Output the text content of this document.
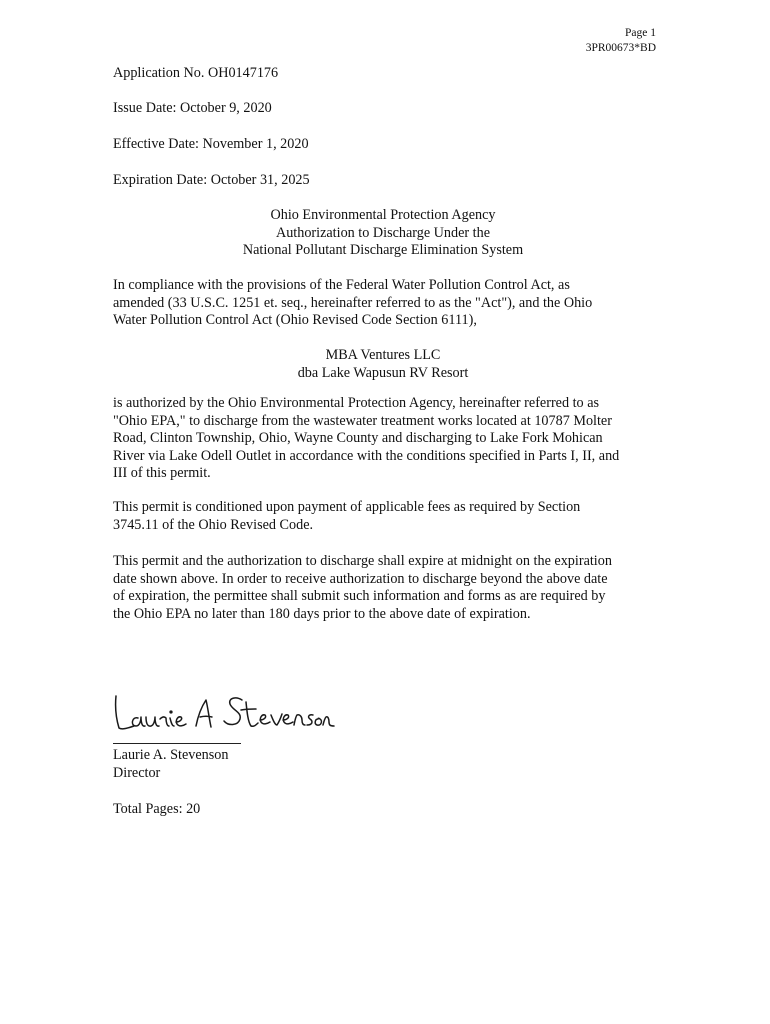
Page 1
3PR00673*BD
Application No. OH0147176
Issue Date: October 9, 2020
Effective Date: November 1, 2020
Expiration Date: October 31, 2025
Ohio Environmental Protection Agency
Authorization to Discharge Under the
National Pollutant Discharge Elimination System
In compliance with the provisions of the Federal Water Pollution Control Act, as
amended (33 U.S.C. 1251 et. seq., hereinafter referred to as the "Act"), and the Ohio
Water Pollution Control Act (Ohio Revised Code Section 6111),
MBA Ventures LLC
dba Lake Wapusun RV Resort
is authorized by the Ohio Environmental Protection Agency, hereinafter referred to as
"Ohio EPA," to discharge from the wastewater treatment works located at 10787 Molter
Road, Clinton Township, Ohio, Wayne County and discharging to Lake Fork Mohican
River via Lake Odell Outlet in accordance with the conditions specified in Parts I, II, and
III of this permit.
This permit is conditioned upon payment of applicable fees as required by Section
3745.11 of the Ohio Revised Code.
This permit and the authorization to discharge shall expire at midnight on the expiration
date shown above. In order to receive authorization to discharge beyond the above date
of expiration, the permittee shall submit such information and forms as are required by
the Ohio EPA no later than 180 days prior to the above date of expiration.
Laurie A. Stevenson
Director
Total Pages: 20
